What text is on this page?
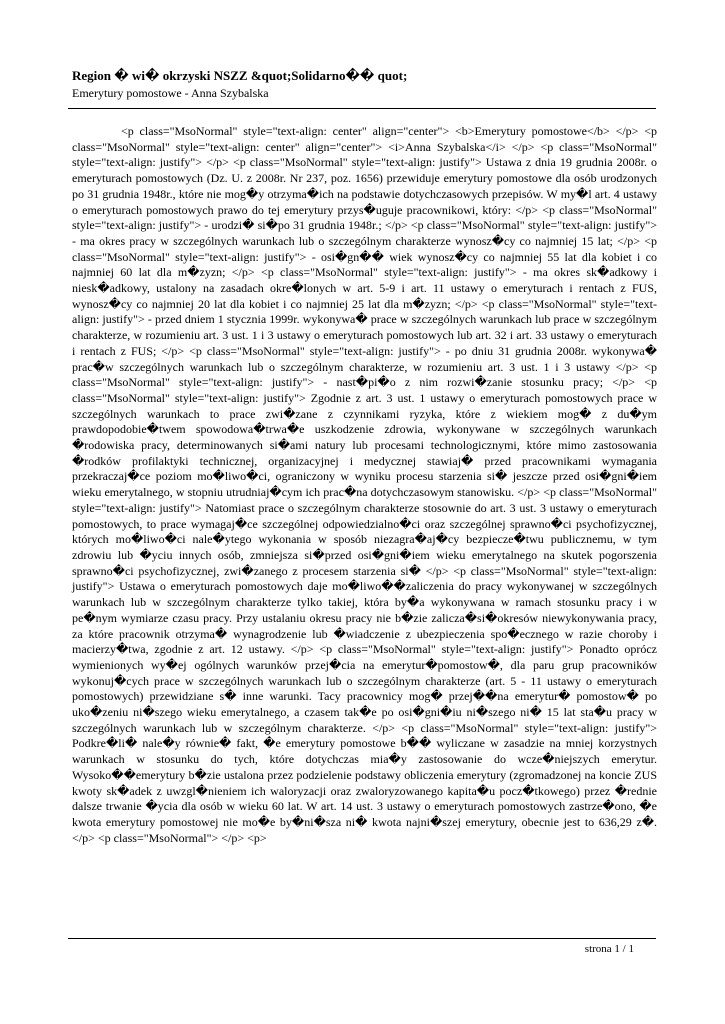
Region � wi� okrzyski NSZZ &quot;Solidarno�� quot;

Emerytury pomostowe - Anna Szybalska

<p class="MsoNormal" style="text-align: center" align="center"> <b>Emerytury pomostowe</b> </p> <p class="MsoNormal" style="text-align: center" align="center"> <i>Anna Szybalska</i> </p> <p class="MsoNormal" style="text-align: justify"> </p> <p class="MsoNormal" style="text-align: justify"> Ustawa z dnia 19 grudnia 2008r. o emeryturach pomostowych (Dz. U. z 2008r. Nr 237, poz. 1656) przewiduje emerytury pomostowe dla osób urodzonych po 31 grudnia 1948r., które nie mog�y otrzyma�ich na podstawie dotychczasowych przepisów. W my�l art. 4 ustawy o emeryturach pomostowych prawo do tej emerytury przys�uguje pracownikowi, który: </p> <p class="MsoNormal" style="text-align: justify"> - urodzi� si�po 31 grudnia 1948r.; </p> <p class="MsoNormal" style="text-align: justify"> - ma okres pracy w szczególnych warunkach lub o szczególnym charakterze wynosz�cy co najmniej 15 lat; </p> <p class="MsoNormal" style="text-align: justify"> - osi�gn�� wiek wynosz�cy co najmniej 55 lat dla kobiet i co najmniej 60 lat dla m�zyzn; </p> <p class="MsoNormal" style="text-align: justify"> - ma okres sk�adkowy i niesk�adkowy, ustalony na zasadach okre�lonych w art. 5-9 i art. 11 ustawy o emeryturach i rentach z FUS, wynosz�cy co najmniej 20 lat dla kobiet i co najmniej 25 lat dla m�zyzn; </p> <p class="MsoNormal" style="text-align: justify"> - przed dniem 1 stycznia 1999r. wykonywa� prace w szczególnych warunkach lub prace w szczególnym charakterze, w rozumieniu art. 3 ust. 1 i 3 ustawy o emeryturach pomostowych lub art. 32 i art. 33 ustawy o emeryturach i rentach z FUS; </p> <p class="MsoNormal" style="text-align: justify"> - po dniu 31 grudnia 2008r. wykonywa� prac�w szczególnych warunkach lub o szczególnym charakterze, w rozumieniu art. 3 ust. 1 i 3 ustawy </p> <p class="MsoNormal" style="text-align: justify"> - nast�pi�o z nim rozwi�zanie stosunku pracy; </p> <p class="MsoNormal" style="text-align: justify"> Zgodnie z art. 3 ust. 1 ustawy o emeryturach pomostowych prace w szczególnych warunkach to prace zwi�zane z czynnikami ryzyka, które z wiekiem mog� z du�ym prawdopodobie�twem spowodowa�trwa�e uszkodzenie zdrowia, wykonywane w szczególnych warunkach �rodowiska pracy, determinowanych si�ami natury lub procesami technologicznymi, które mimo zastosowania �rodków profilaktyki technicznej, organizacyjnej i medycznej stawiaj� przed pracownikami wymagania przekraczaj�ce poziom mo�liwo�ci, ograniczony w wyniku procesu starzenia si� jeszcze przed osi�gni�iem wieku emerytalnego, w stopniu utrudniaj�cym ich prac�na dotychczasowym stanowisku. </p> <p class="MsoNormal" style="text-align: justify"> Natomiast prace o szczególnym charakterze stosownie do art. 3 ust. 3 ustawy o emeryturach pomostowych, to prace wymagaj�ce szczególnej odpowiedzialno�ci oraz szczególnej sprawno�ci psychofizycznej, których mo�liwo�ci nale�ytego wykonania w sposób niezagra�aj�cy bezpiecze�twu publicznemu, w tym zdrowiu lub �yciu innych osób, zmniejsza si�przed osi�gni�iem wieku emerytalnego na skutek pogorszenia sprawno�ci psychofizycznej, zwi�zanego z procesem starzenia si� </p> <p class="MsoNormal" style="text-align: justify"> Ustawa o emeryturach pomostowych daje mo�liwo��zaliczenia do pracy wykonywanej w szczególnych warunkach lub w szczególnym charakterze tylko takiej, która by�a wykonywana w ramach stosunku pracy i w pe�nym wymiarze czasu pracy. Przy ustalaniu okresu pracy nie b�zie zalicza�si�okresów niewykonywania pracy, za które pracownik otrzyma� wynagrodzenie lub �wiadczenie z ubezpieczenia spo�ecznego w razie choroby i macierzy�twa, zgodnie z art. 12 ustawy. </p> <p class="MsoNormal" style="text-align: justify"> Ponadto oprócz wymienionych wy�ej ogólnych warunków przej�cia na emerytur�pomostow�, dla paru grup pracowników wykonuj�cych prace w szczególnych warunkach lub o szczególnym charakterze (art. 5 - 11 ustawy o emeryturach pomostowych) przewidziane s� inne warunki. Tacy pracownicy mog� przej��na emerytur� pomostow� po uko�zeniu ni�szego wieku emerytalnego, a czasem tak�e po osi�gni�iu ni�szego ni� 15 lat sta�u pracy w szczególnych warunkach lub w szczególnym charakterze. </p> <p class="MsoNormal" style="text-align: justify"> Podkre�li� nale�y równie� fakt, �e emerytury pomostowe b�� wyliczane w zasadzie na mniej korzystnych warunkach w stosunku do tych, które dotychczas mia�y zastosowanie do wcze�niejszych emerytur. Wysoko��emerytury b�zie ustalona przez podzielenie podstawy obliczenia emerytury (zgromadzonej na koncie ZUS kwoty sk�adek z uwzgl�nieniem ich waloryzacji oraz zwaloryzowanego kapita�u pocz�tkowego) przez �rednie dalsze trwanie �ycia dla osób w wieku 60 lat. W art. 14 ust. 3 ustawy o emeryturach pomostowych zastrze�ono, �e kwota emerytury pomostowej nie mo�e by�ni�sza ni� kwota najni�szej emerytury, obecnie jest to 636,29 z�. </p> <p class="MsoNormal"> </p> <p>

strona 1 / 1
